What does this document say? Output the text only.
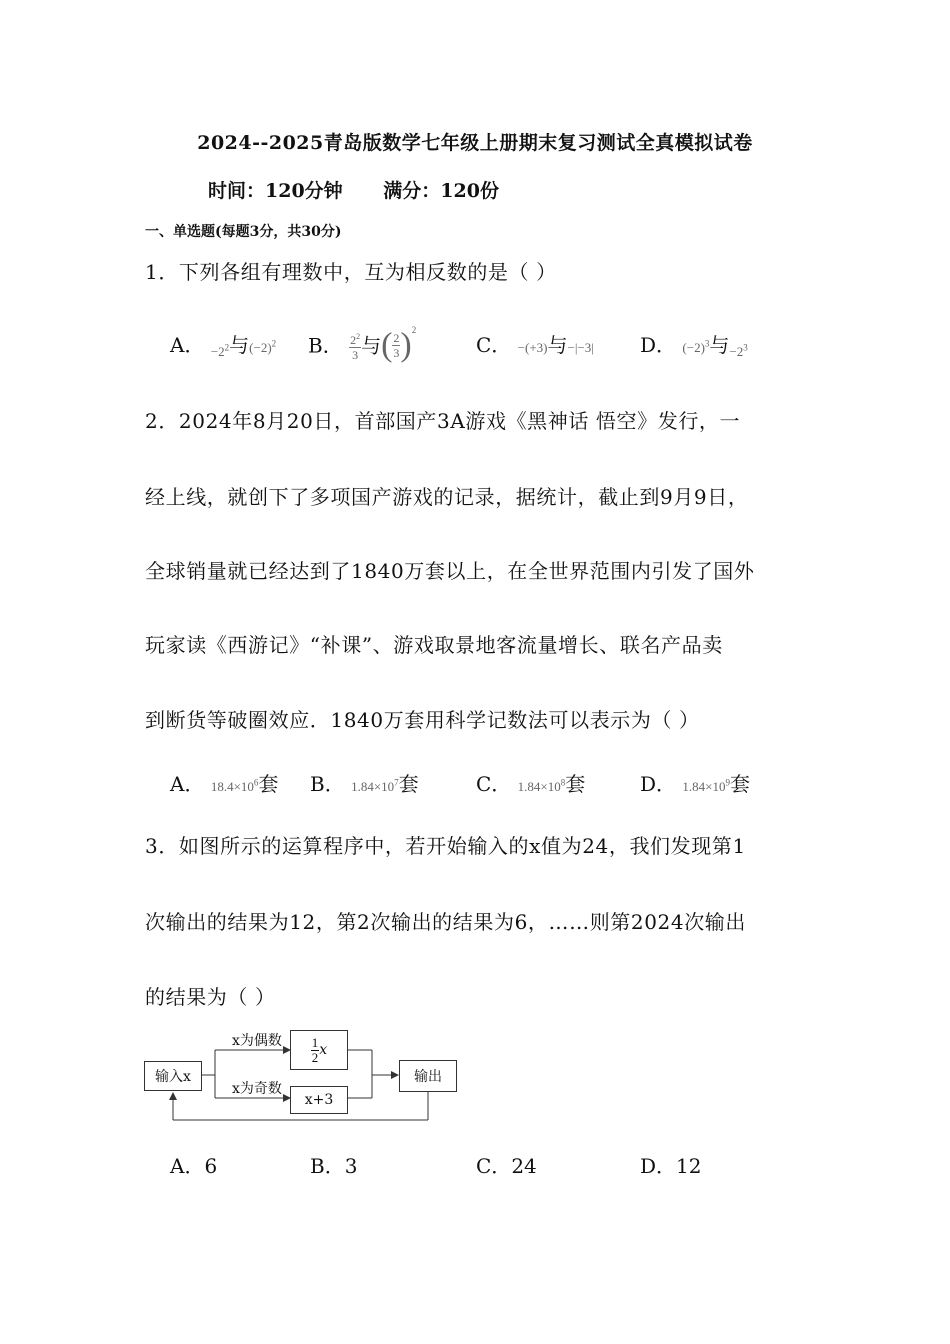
2024--2025青岛版数学七年级上册期末复习测试全真模拟试卷
时间：120分钟 满分：120份
一、单选题(每题3分，共30分)
1．下列各组有理数中，互为相反数的是（ ）
A． $_{-2^2}$与$(-2)^2$ B． $\frac{2^2}{3}$ 与( $\frac{2}{3} )^2$
C． −(+3)与−|−3| D． $(-2)^3$与$_{-2^3}$
2．2024年8月20日，首部国产3A游戏《黑神话 悟空》发行，一
经上线，就创下了多项国产游戏的记录，据统计，截止到9月9日，
全球销量就已经达到了1840万套以上，在全世界范围内引发了国外
玩家读《西游记》“补课”、游戏取景地客流量增长、联名产品卖
到断货等破圈效应．1840万套用科学记数法可以表示为（ ）
A． $18.4\times 10^6$套 B． $1.84\times 10^7$套	C． $1.84\times 10^8$套	D． $1.84\times 10^9$套
3．如图所示的运算程序中，若开始输入的x值为24，我们发现第1
次输出的结果为12，第2次输出的结果为6，……则第2024次输出
的结果为（ ）
输入x
x为偶数 $\frac{1}{2}$ x
x为奇数
x+3
输出
A．6	B．3	C．24	D．12
